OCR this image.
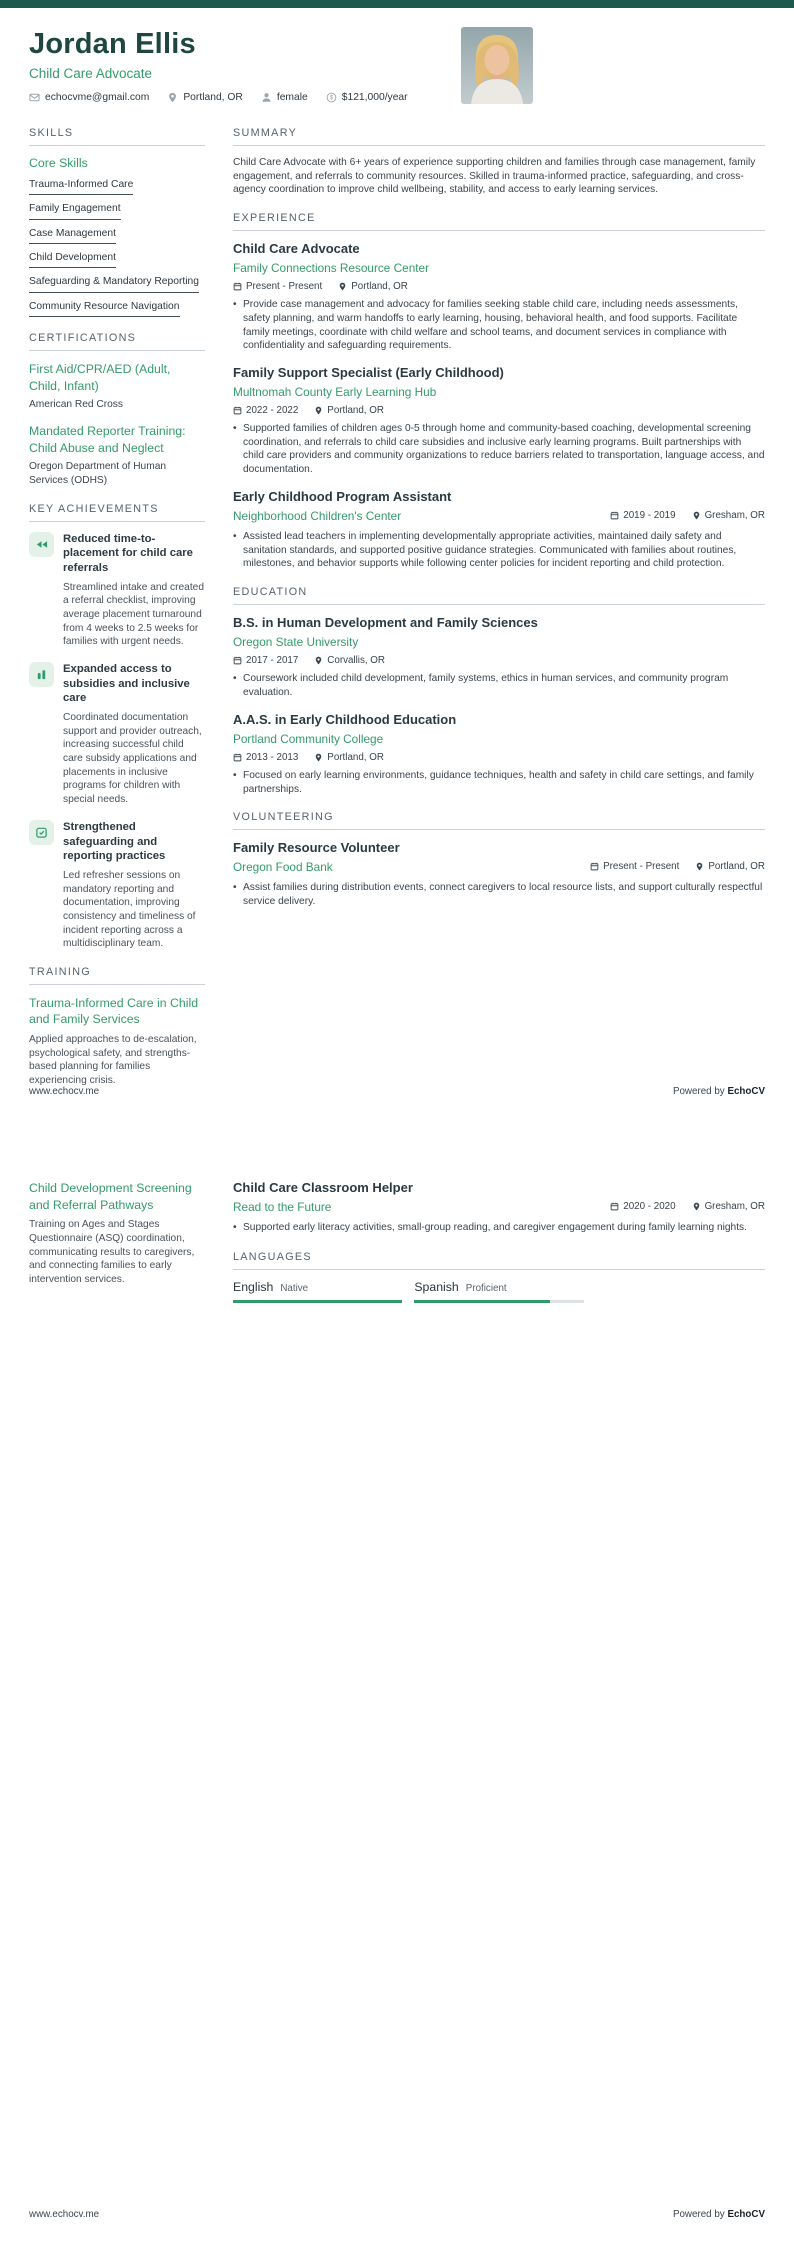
Jordan Ellis
Child Care Advocate
echocvme@gmail.com	Portland, OR	female	$ $121,000/year
SKILLS
Core Skills
Trauma-Informed Care
Family Engagement
Case Management
Child Development
Safeguarding & Mandatory Reporting
Community Resource Navigation
CERTIFICATIONS
First Aid/CPR/AED (Adult, Child, Infant)
American Red Cross
Mandated Reporter Training: Child Abuse and Neglect
Oregon Department of Human Services (ODHS)
KEY ACHIEVEMENTS
Reduced time-to-placement for child care referrals
Streamlined intake and created a referral checklist, improving average placement turnaround from 4 weeks to 2.5 weeks for families with urgent needs.
Expanded access to subsidies and inclusive care
Coordinated documentation support and provider outreach, increasing successful child care subsidy applications and placements in inclusive programs for children with special needs.
Strengthened safeguarding and reporting practices
Led refresher sessions on mandatory reporting and documentation, improving consistency and timeliness of incident reporting across a multidisciplinary team.
TRAINING
Trauma-Informed Care in Child and Family Services
Applied approaches to de-escalation, psychological safety, and strengths-based planning for families experiencing crisis.
SUMMARY
Child Care Advocate with 6+ years of experience supporting children and families through case management, family engagement, and referrals to community resources. Skilled in trauma-informed practice, safeguarding, and cross-agency coordination to improve child wellbeing, stability, and access to early learning services.
EXPERIENCE
Child Care Advocate
Family Connections Resource Center
Present - Present	Portland, OR
• Provide case management and advocacy for families seeking stable child care, including needs assessments, safety planning, and warm handoffs to early learning, housing, behavioral health, and food supports. Facilitate family meetings, coordinate with child welfare and school teams, and document services in compliance with confidentiality and safeguarding requirements.
Family Support Specialist (Early Childhood)
Multnomah County Early Learning Hub
2022 - 2022	Portland, OR
• Supported families of children ages 0-5 through home and community-based coaching, developmental screening coordination, and referrals to child care subsidies and inclusive early learning programs. Built partnerships with child care providers and community organizations to reduce barriers related to transportation, language access, and documentation.
Early Childhood Program Assistant
Neighborhood Children's Center	2019 - 2019	Gresham, OR
• Assisted lead teachers in implementing developmentally appropriate activities, maintained daily safety and sanitation standards, and supported positive guidance strategies. Communicated with families about routines, milestones, and behavior supports while following center policies for incident reporting and child protection.
EDUCATION
B.S. in Human Development and Family Sciences
Oregon State University
2017 - 2017	Corvallis, OR
• Coursework included child development, family systems, ethics in human services, and community program evaluation.
A.A.S. in Early Childhood Education
Portland Community College
2013 - 2013	Portland, OR
• Focused on early learning environments, guidance techniques, health and safety in child care settings, and family partnerships.
VOLUNTEERING
Family Resource Volunteer
Oregon Food Bank	Present - Present	Portland, OR
• Assist families during distribution events, connect caregivers to local resource lists, and support culturally respectful service delivery.
www.echocv.me	Powered by EchoCV
Child Development Screening and Referral Pathways
Training on Ages and Stages Questionnaire (ASQ) coordination, communicating results to caregivers, and connecting families to early intervention services.
Child Care Classroom Helper
Read to the Future	2020 - 2020	Gresham, OR
• Supported early literacy activities, small-group reading, and caregiver engagement during family learning nights.
LANGUAGES
English Native	Spanish Proficient
www.echocv.me	Powered by EchoCV
